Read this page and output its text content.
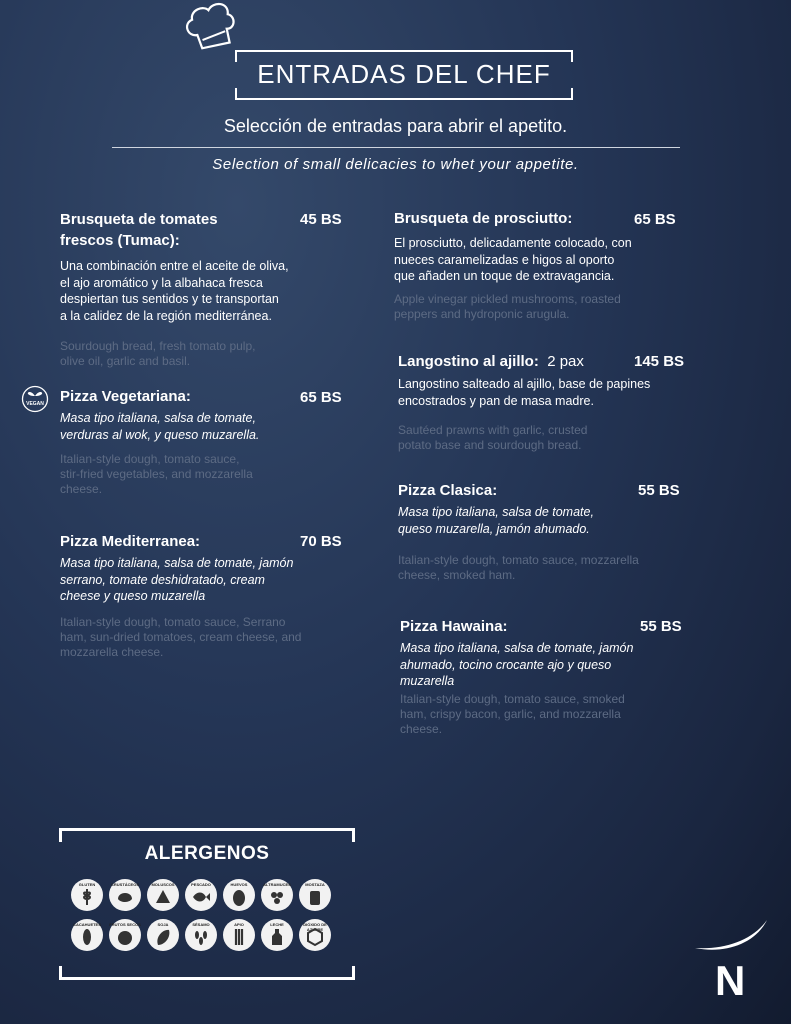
ENTRADAS DEL CHEF
Selección de entradas para abrir el apetito.
Selection of small delicacies to whet your appetite.
Brusqueta de tomates
frescos (Tumac):
45 BS
Una combinación entre el aceite de oliva,
el ajo aromático y la albahaca fresca
despiertan tus sentidos y te transportan
a la calidez de la región mediterránea.
Sourdough bread, fresh tomato pulp,
olive oil, garlic and basil.
VEGAN Pizza Vegetariana:	65 BS
Masa tipo italiana, salsa de tomate,
verduras al wok, y queso muzarella.
Italian-style dough, tomato sauce,
stir-fried vegetables, and mozzarella
cheese.
Pizza Mediterranea:	70 BS
Masa tipo italiana, salsa de tomate, jamón
serrano, tomate deshidratado, cream
cheese y queso muzarella
Italian-style dough, tomato sauce, Serrano
ham, sun-dried tomatoes, cream cheese, and
mozzarella cheese.
Brusqueta de prosciutto:	65 BS
El prosciutto, delicadamente colocado, con
nueces caramelizadas e higos al oporto
que añaden un toque de extravagancia.
Apple vinegar pickled mushrooms, roasted
peppers and hydroponic arugula.
Langostino al ajillo: 2 pax	145 BS
Langostino salteado al ajillo, base de papines
encostrados y pan de masa madre.
Sautéed prawns with garlic, crusted
potato base and sourdough bread.
Pizza Clasica:	55 BS
Masa tipo italiana, salsa de tomate,
queso muzarella, jamón ahumado.
Italian-style dough, tomato sauce, mozzarella
cheese, smoked ham.
Pizza Hawaina:	55 BS
Masa tipo italiana, salsa de tomate, jamón
ahumado, tocino crocante ajo y queso
muzarella
Italian-style dough, tomato sauce, smoked
ham, crispy bacon, garlic, and mozzarella
cheese.
ALERGENOS
GLUTEN	CRUSTÁCEOS	MOLUSCOS	PESCADO	HUEVOS	ALTRAMUCES	MOSTAZA
CACAHUETES	FRUTOS SECOS	SOJA	SÉSAMO	APIO	LECHE	DIÓXIDO DE AZUFRE
N
